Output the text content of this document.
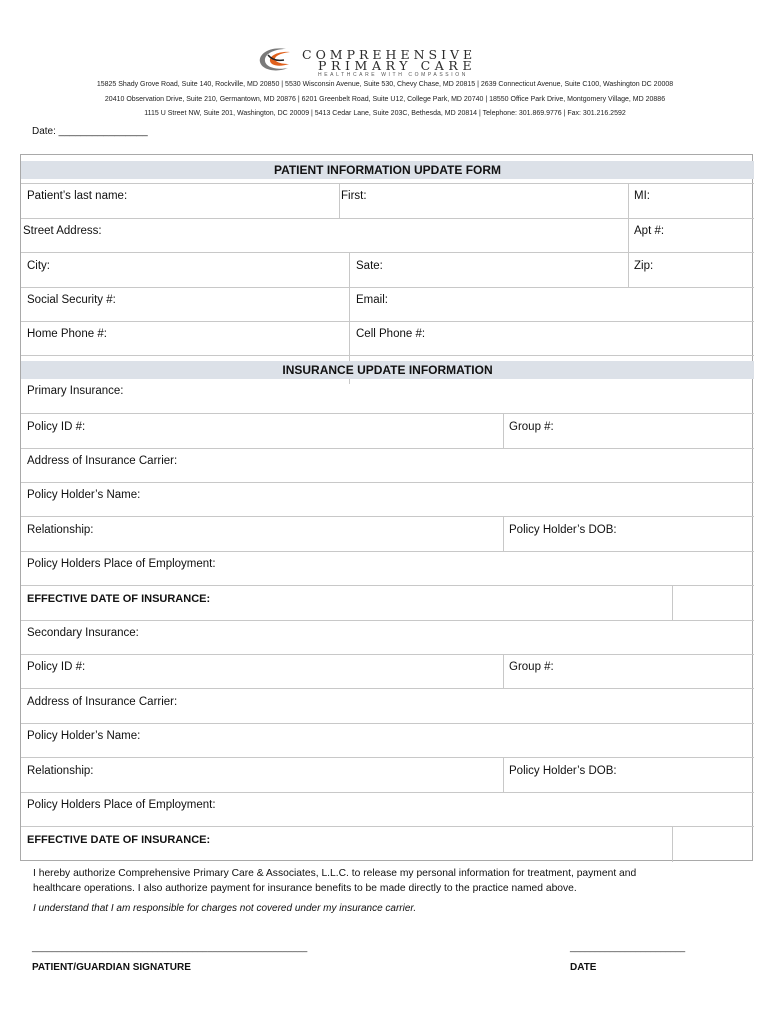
COMPREHENSIVE
PRIMARY CARE
HEALTHCARE WITH COMPASSION
15825 Shady Grove Road, Suite 140, Rockville, MD 20850 | 5530 Wisconsin Avenue, Suite 530, Chevy Chase, MD 20815 | 2639 Connecticut Avenue, Suite C100, Washington DC 20008
20410 Observation Drive, Suite 210, Germantown, MD 20876 | 6201 Greenbelt Road, Suite U12, College Park, MD 20740 | 18550 Office Park Drive, Montgomery Village, MD 20886
1115 U Street NW, Suite 201, Washington, DC 20009 | 5413 Cedar Lane, Suite 203C, Bethesda, MD 20814 | Telephone: 301.869.9776 | Fax: 301.216.2592
Date: ________________
PATIENT INFORMATION UPDATE FORM
Patient’s last name:	First:	MI:
Street Address:	Apt #:
City:	Sate:	Zip:
Social Security #:	Email:
Home Phone #:	Cell Phone #:
INSURANCE UPDATE INFORMATION
Primary Insurance:
Policy ID #:	Group #:
Address of Insurance Carrier:
Policy Holder’s Name:
Relationship:	Policy Holder’s DOB:
Policy Holders Place of Employment:
EFFECTIVE DATE OF INSURANCE:
Secondary Insurance:
Policy ID #:	Group #:
Address of Insurance Carrier:
Policy Holder’s Name:
Relationship:	Policy Holder’s DOB:
Policy Holders Place of Employment:
EFFECTIVE DATE OF INSURANCE:
I hereby authorize Comprehensive Primary Care & Associates, L.L.C. to release my personal information for treatment, payment and
healthcare operations. I also authorize payment for insurance benefits to be made directly to the practice named above.
I understand that I am responsible for charges not covered under my insurance carrier.
_______________________________________________________	_______________________
PATIENT/GUARDIAN SIGNATURE	DATE
